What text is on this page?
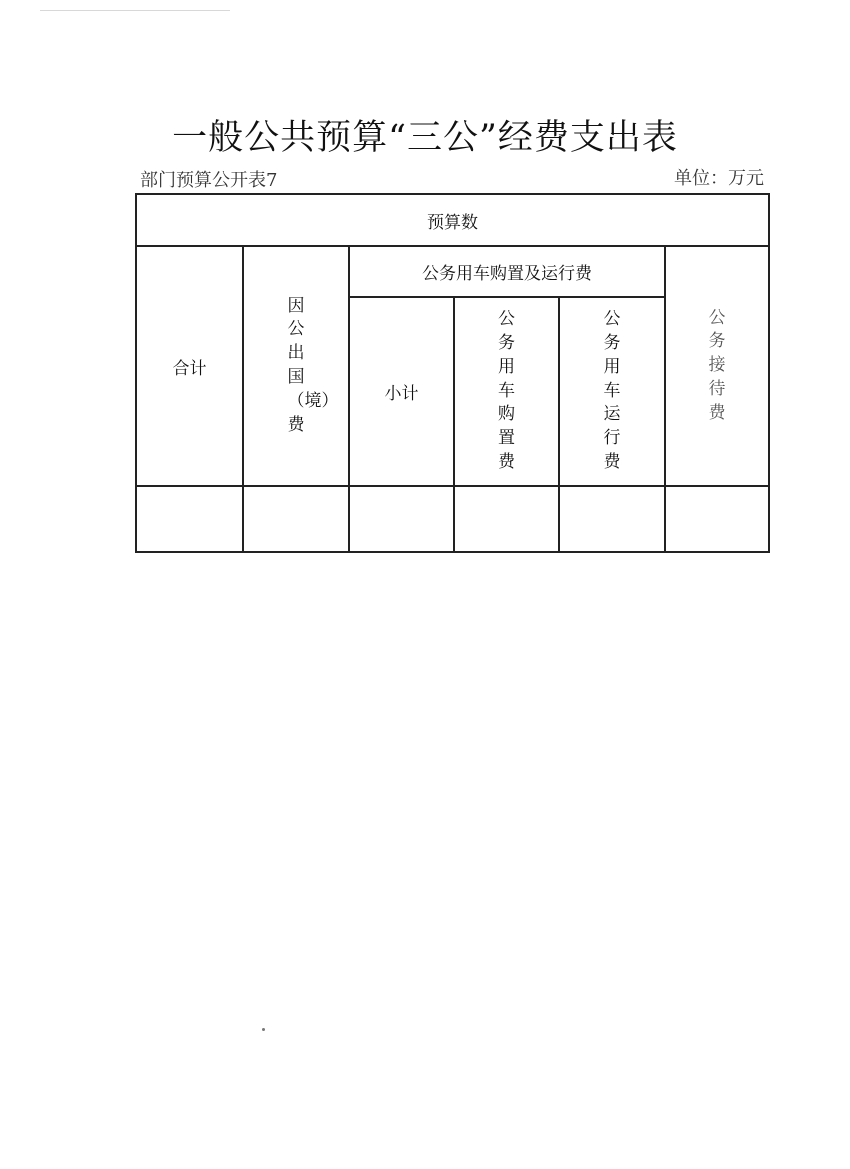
一般公共预算“三公”经费支出表
部门预算公开表7	单位：万元
预算数
合计
因公出国（境）费
公务用车购置及运行费
小计
公务用车购置费
公务用车运行费
公务接待费
